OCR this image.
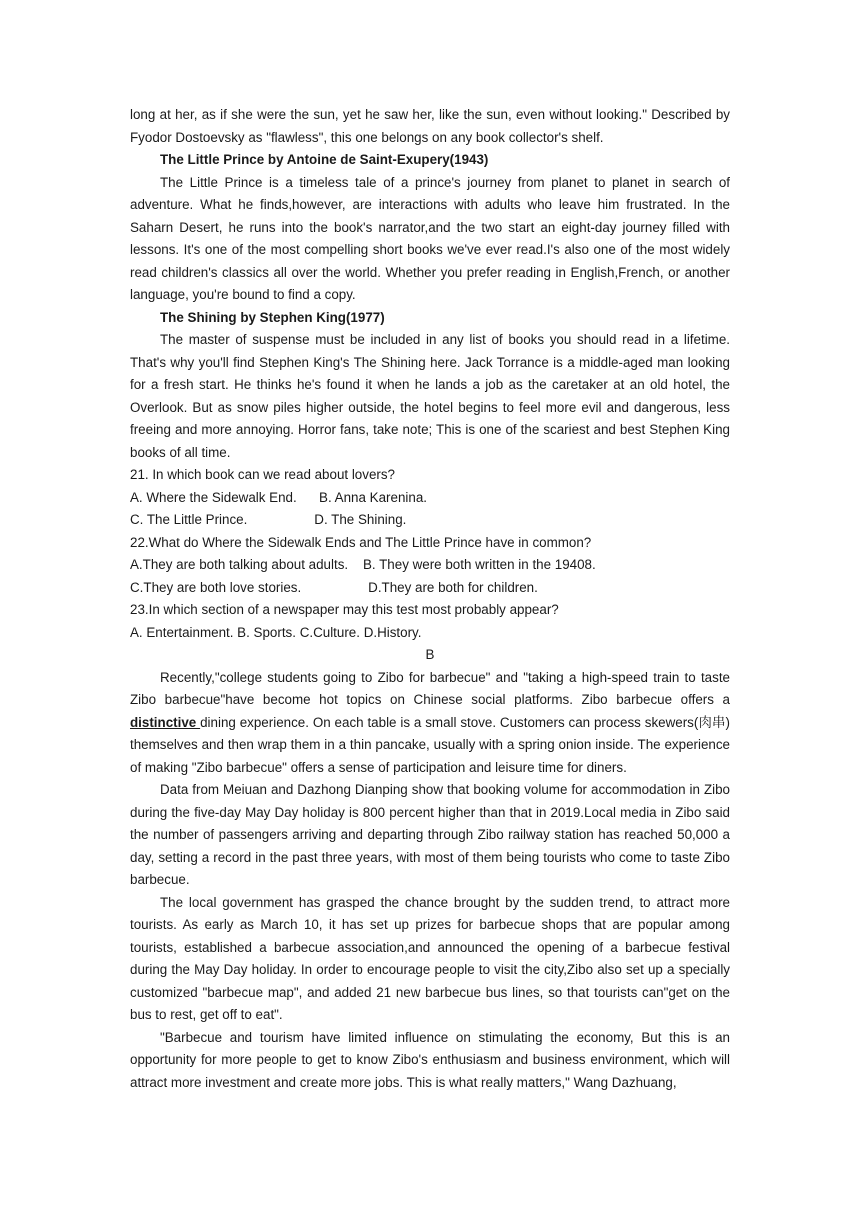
long at her, as if she were the sun, yet he saw her, like the sun, even without looking." Described by Fyodor Dostoevsky as "flawless", this one belongs on any book collector's shelf.

The Little Prince by Antoine de Saint-Exupery(1943)

The Little Prince is a timeless tale of a prince's journey from planet to planet in search of adventure. What he finds,however, are interactions with adults who leave him frustrated. In the Saharn Desert, he runs into the book's narrator,and the two start an eight-day journey filled with lessons. It's one of the most compelling short books we've ever read.I's also one of the most widely read children's classics all over the world. Whether you prefer reading in English,French, or another language, you're bound to find a copy.

The Shining by Stephen King(1977)

The master of suspense must be included in any list of books you should read in a lifetime. That's why you'll find Stephen King's The Shining here. Jack Torrance is a middle-aged man looking for a fresh start. He thinks he's found it when he lands a job as the caretaker at an old hotel, the Overlook. But as snow piles higher outside, the hotel begins to feel more evil and dangerous, less freeing and more annoying. Horror fans, take note; This is one of the scariest and best Stephen King books of all time.

21. In which book can we read about lovers?

A. Where the Sidewalk End.      B. Anna Karenina.

C. The Little Prince.                  D. The Shining.

22.What do Where the Sidewalk Ends and The Little Prince have in common?

A.They are both talking about adults.    B. They were both written in the 19408.

C.They are both love stories.                  D.They are both for children.

23.In which section of a newspaper may this test most probably appear?

A. Entertainment. B. Sports. C.Culture. D.History.

B

Recently,"college students going to Zibo for barbecue" and "taking a high-speed train to taste Zibo barbecue"have become hot topics on Chinese social platforms. Zibo barbecue offers a distinctive dining experience. On each table is a small stove. Customers can process skewers(肉串) themselves and then wrap them in a thin pancake, usually with a spring onion inside. The experience of making "Zibo barbecue" offers a sense of participation and leisure time for diners.

Data from Meiuan and Dazhong Dianping show that booking volume for accommodation in Zibo during the five-day May Day holiday is 800 percent higher than that in 2019.Local media in Zibo said the number of passengers arriving and departing through Zibo railway station has reached 50,000 a day, setting a record in the past three years, with most of them being tourists who come to taste Zibo barbecue.

The local government has grasped the chance brought by the sudden trend, to attract more tourists. As early as March 10, it has set up prizes for barbecue shops that are popular among tourists, established a barbecue association,and announced the opening of a barbecue festival during the May Day holiday. In order to encourage people to visit the city,Zibo also set up a specially customized "barbecue map", and added 21 new barbecue bus lines, so that tourists can"get on the bus to rest, get off to eat".

"Barbecue and tourism have limited influence on stimulating the economy, But this is an opportunity for more people to get to know Zibo's enthusiasm and business environment, which will attract more investment and create more jobs. This is what really matters," Wang Dazhuang,
